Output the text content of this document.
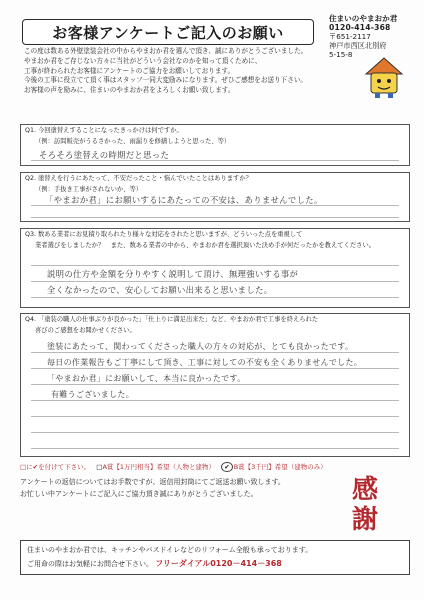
お客様アンケートご記入のお願い
住まいのやまおか君
0120-414-368
〒651-2117
神戸市西区北別府
5-15-8
この度は数ある外壁塗装会社の中からやまおか君を選んで頂き、誠にありがとうございました。
やまおか君をご存じない方々に当社がどういう会社なのかを知って頂くために、
工事が終わられたお客様にアンケートのご協力をお願いしております。
今後の工事に役立てて頂く事はスタッフ一同大変励みになります。ぜひご感想をお送り下さい。
お客様の声を励みに、住まいのやまおか君をよろしくお願い致します。
Q1. 今回塗替えすることになったきっかけは何ですか。
（例：訪問販売がうるさかった、雨漏りを修繕しようと思った、等）
そろそろ塗替えの時期だと思った
Q2. 塗替えを行うにあたって、不安だったこと・悩んでいたことはありますか？
（例：手抜き工事がされないか、等）
「やまおか君」にお願いするにあたっての不安は、ありませんでした。
Q3. 数ある業者にお見積り取られたり様々な対応をされたと思いますが、どういった点を重視して
業者選びをしましたか？　また、数ある業者の中から、やまおか君を選択頂いた決め手が何だったかを教えてください。
説明の仕方や金額を分りやすく説明して頂け、無理強いする事が
全くなかったので、安心してお願い出来ると思いました。
Q4. 「塗装の職人の仕事ぶりが良かった」「仕上りに満足出来た」など、やまおか君で工事を終えられた
喜びのご感想をお聞かせください。
塗装にあたって、関わってくださった職人の方々の対応が、とても良かったです。
毎日の作業報告もご丁寧にして頂き、工事に対しての不安も全くありませんでした。
「やまおか君」にお願いして、本当に良かったです。
有難うございました。
□に✔を付けて下さい。 □A賞【1万円相当】希望（人物と建物） ✔ B賞【3千円】希望（建物のみ）
アンケートの返信についてはお手数ですが、返信用封筒にてご返送お願い致します。
お忙しい中アンケートにご記入にご協力頂き誠にありがとうございました。	感
謝
住まいのやまおか君では、キッチンやバスドイレなどのリフォーム全般も承っております。
ご用命の際はお気軽にお問合せ下さい。 フリーダイアル0120－414－368
